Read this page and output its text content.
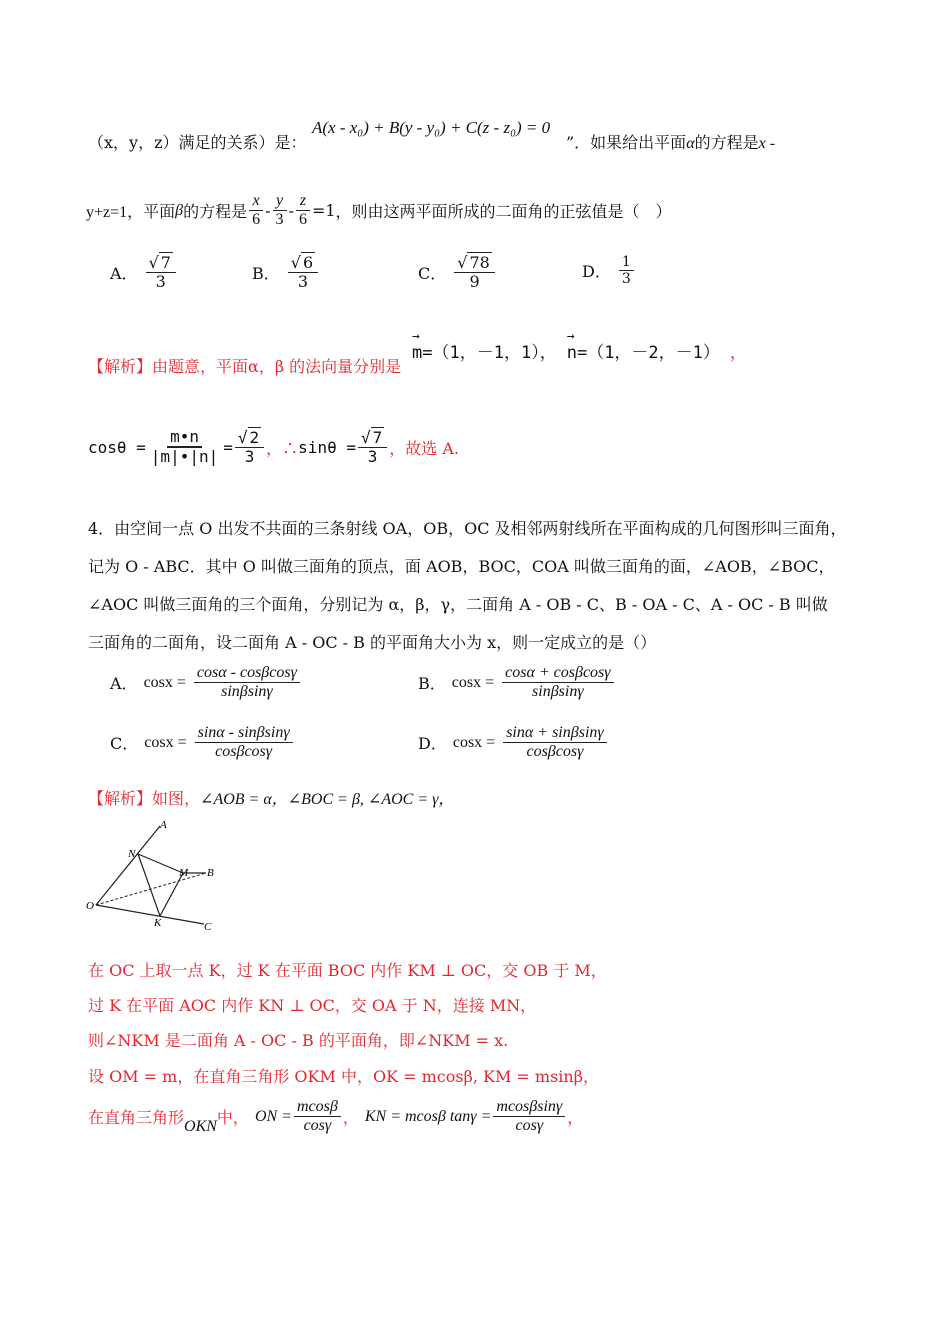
（x，y，z）满足的关系）是：
A(x - x₀) + B(y - y₀) + C(z - z₀) = 0
”．如果给出平面α的方程是x -
y+z=1，平面 β 的方程是 $\frac{x}{6} - \frac{y}{3} - \frac{z}{6} =1$ ，则由这两平面所成的二面角的正弦值是（　）
A． $\frac{√ 7}{3}$	B． $\frac{√ 6}{3}$	C． $\frac{√ 78}{9}$	D． $\frac{1}{3}$
【解析】 由题意，平面α，β 的法向量分别是
→
m =（1，－1，1），
→
n =（1，－2，－1） ，
$\cos\theta = \frac{m•n}{|m|•|n|} = \frac{√ 2}{3}$ ，∴ $\sin\theta = \frac{√ 7}{3}$ ，故选 A.
4．由空间一点 O 出发不共面的三条射线 OA，OB，OC 及相邻两射线所在平面构成的几何图形叫三面角，
记为 O - ABC．其中 O 叫做三面角的顶点，面 AOB，BOC，COA 叫做三面角的面，∠AOB，∠BOC，
∠AOC 叫做三面角的三个面角，分别记为 α，β，γ，二面角 A - OB - C、B - OA - C、A - OC - B 叫做
三面角的二面角，设二面角 A - OC - B 的平面角大小为 x，则一定成立的是（）
A． $\cos x = \frac{\cos\alpha - \cos\beta\cos\gamma}{\sin\beta\sin\gamma}$	B． $\cos x = \frac{\cos\alpha + \cos\beta\cos\gamma}{\sin\beta\sin\gamma}$
C． $\cos x = \frac{\sin\alpha - \sin\beta\sin\gamma}{\cos\beta\cos\gamma}$	D． $\cos x = \frac{\sin\alpha + \sin\beta\sin\gamma}{\cos\beta\cos\gamma}$
【解析】如图，∠AOB = α，∠BOC = β, ∠AOC = γ，
A
N
M B
O
K	C
在 OC 上取一点 K，过 K 在平面 BOC 内作 KM ⊥ OC，交 OB 于 M，
过 K 在平面 AOC 内作 KN ⊥ OC，交 OA 于 N，连接 MN，
则∠NKM 是二面角 A - OC - B 的平面角，即∠NKM = x.
设 OM = m，在直角三角形 OKM 中，OK = mcosβ, KM = msinβ，
在直角三角形 OKN 中， ON = $\frac{mcos\beta}{\cos\gamma}$ ， KN = mcosβ $\tan\gamma = \frac{mcos\beta\sin\gamma}{\cos\gamma}$ ，
